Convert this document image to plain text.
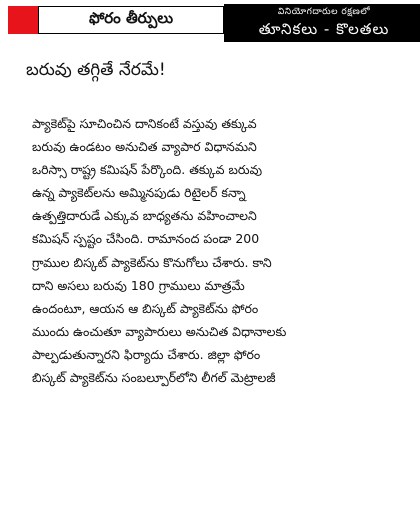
ఫోరం తీర్పులు	వినియోగదారుల రక్షణలో
తూనికలు - కొలతలు
బరువు తగ్గితే నేరమే!
ప్యాకెట్‌పై సూచించిన దానికంటే వస్తువు తక్కువ
బరువు ఉండటం అనుచిత వ్యాపార విధానమని
ఒరిస్సా రాష్ట్ర కమిషన్ పేర్కొంది. తక్కువ బరువు
ఉన్న ప్యాకెట్‌లను అమ్మినపుడు రిటైలర్ కన్నా
ఉత్పత్తిదారుడే ఎక్కువ బాధ్యతను వహించాలని
కమిషన్ స్పష్టం చేసింది. రామానంద పండా 200
గ్రాముల బిస్కట్ ప్యాకెట్‌ను కొనుగోలు చేశారు. కాని
దాని అసలు బరువు 180 గ్రాములు మాత్రమే
ఉందంటూ, ఆయన ఆ బిస్కట్ ప్యాకెట్‌ను ఫోరం
ముందు ఉంచుతూ వ్యాపారులు అనుచిత విధానాలకు
పాల్పడుతున్నారని ఫిర్యాదు చేశారు. జిల్లా ఫోరం
బిస్కట్ ప్యాకెట్‌ను సంబల్పూర్‌లోని లీగల్ మెట్రాలజీ
